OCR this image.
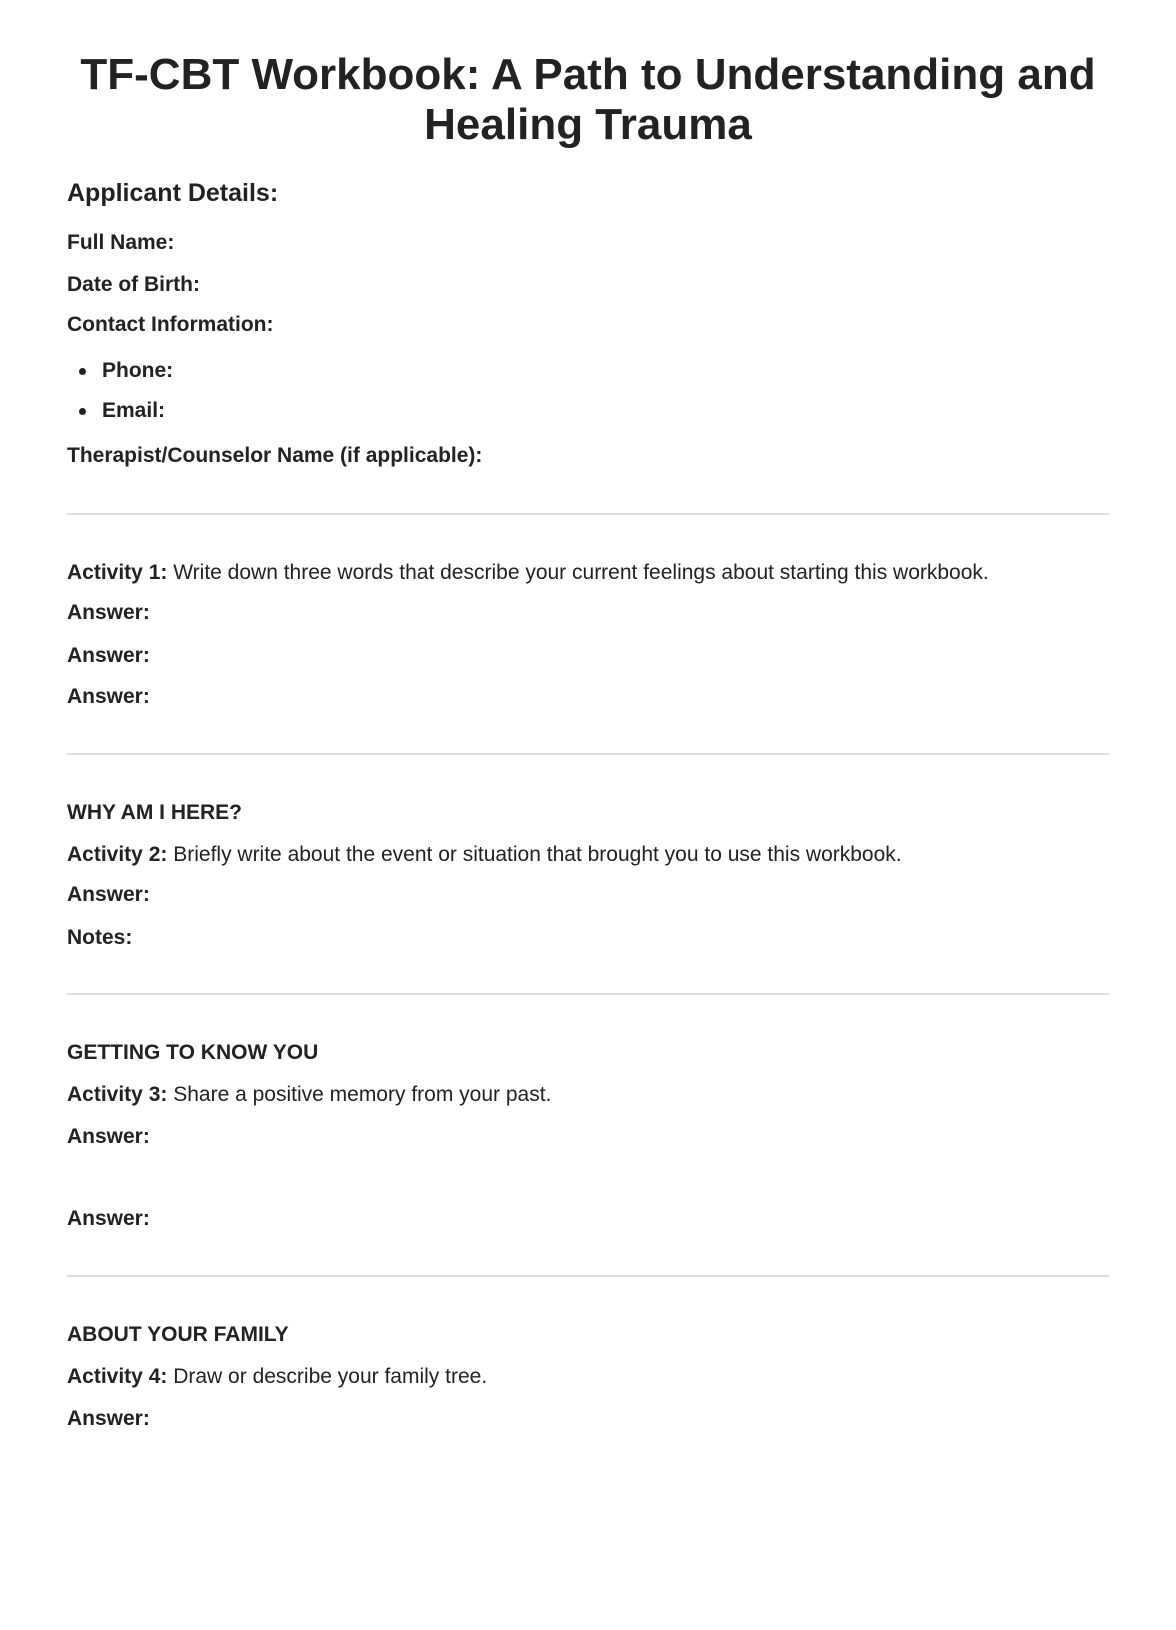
TF-CBT Workbook: A Path to Understanding and Healing Trauma
Applicant Details:
Full Name:
Date of Birth:
Contact Information:
Phone:
Email:
Therapist/Counselor Name (if applicable):
Activity 1: Write down three words that describe your current feelings about starting this workbook.
Answer:
Answer:
Answer:
WHY AM I HERE?
Activity 2: Briefly write about the event or situation that brought you to use this workbook.
Answer:
Notes:
GETTING TO KNOW YOU
Activity 3: Share a positive memory from your past.
Answer:
Answer:
ABOUT YOUR FAMILY
Activity 4: Draw or describe your family tree.
Answer:
